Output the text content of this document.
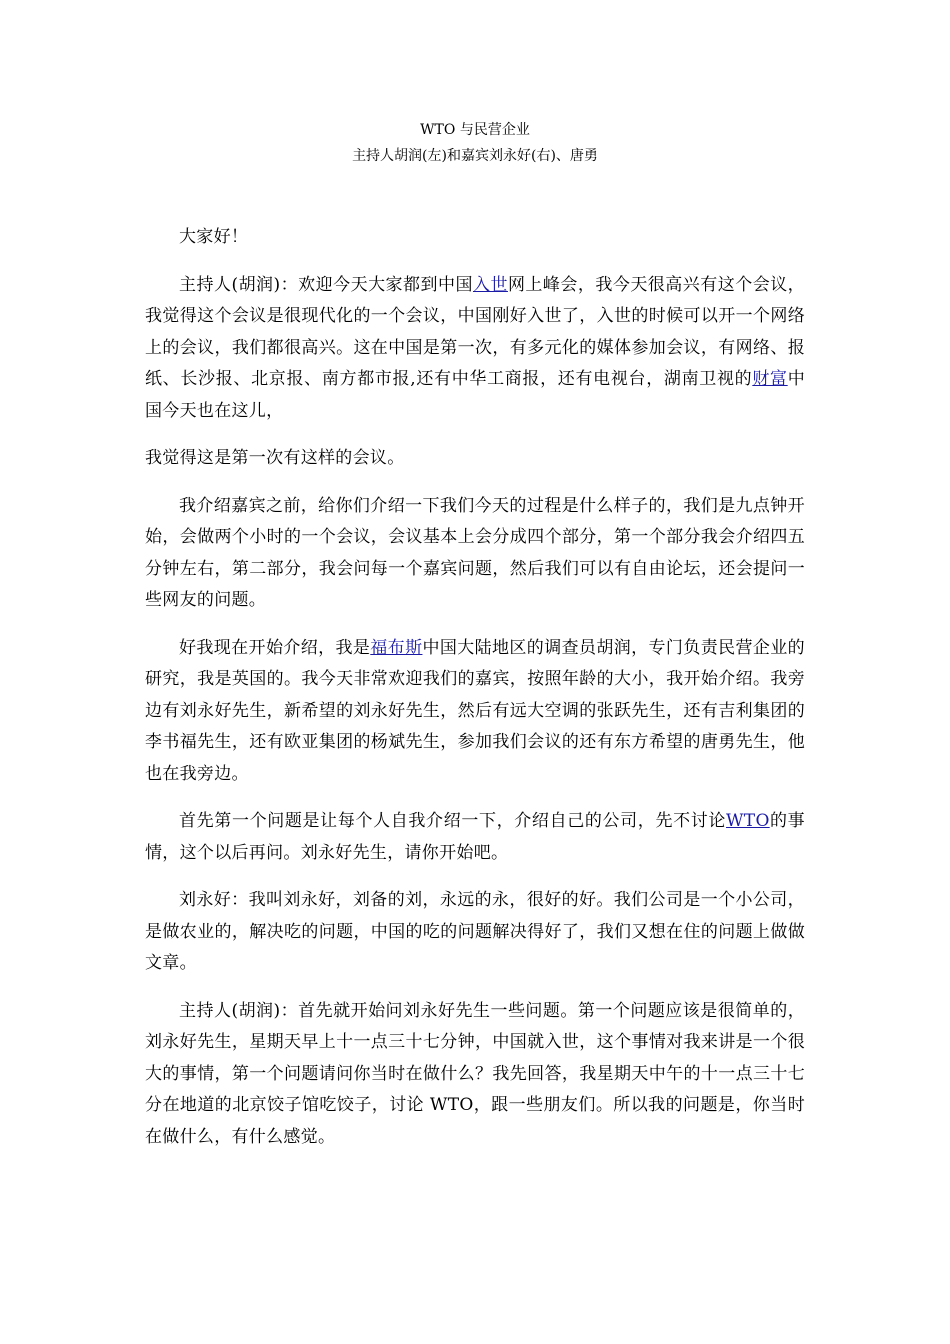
WTO 与民营企业
主持人胡润(左)和嘉宾刘永好(右)、唐勇

大家好！

主持人(胡润)：欢迎今天大家都到中国入世网上峰会，我今天很高兴有这个会议，我觉得这个会议是很现代化的一个会议，中国刚好入世了，入世的时候可以开一个网络上的会议，我们都很高兴。这在中国是第一次，有多元化的媒体参加会议，有网络、报纸、长沙报、北京报、南方都市报,还有中华工商报，还有电视台，湖南卫视的财富中国今天也在这儿，

我觉得这是第一次有这样的会议。

我介绍嘉宾之前，给你们介绍一下我们今天的过程是什么样子的，我们是九点钟开始，会做两个小时的一个会议，会议基本上会分成四个部分，第一个部分我会介绍四五分钟左右，第二部分，我会问每一个嘉宾问题，然后我们可以有自由论坛，还会提问一些网友的问题。

好我现在开始介绍，我是福布斯中国大陆地区的调查员胡润，专门负责民营企业的研究，我是英国的。我今天非常欢迎我们的嘉宾，按照年龄的大小，我开始介绍。我旁边有刘永好先生，新希望的刘永好先生，然后有远大空调的张跃先生，还有吉利集团的李书福先生，还有欧亚集团的杨斌先生，参加我们会议的还有东方希望的唐勇先生，他也在我旁边。

首先第一个问题是让每个人自我介绍一下，介绍自己的公司，先不讨论WTO的事情，这个以后再问。刘永好先生，请你开始吧。

刘永好：我叫刘永好，刘备的刘，永远的永，很好的好。我们公司是一个小公司，是做农业的，解决吃的问题，中国的吃的问题解决得好了，我们又想在住的问题上做做文章。

主持人(胡润)：首先就开始问刘永好先生一些问题。第一个问题应该是很简单的，刘永好先生，星期天早上十一点三十七分钟，中国就入世，这个事情对我来讲是一个很大的事情，第一个问题请问你当时在做什么？我先回答，我星期天中午的十一点三十七分在地道的北京饺子馆吃饺子，讨论 WTO，跟一些朋友们。所以我的问题是，你当时在做什么，有什么感觉。
